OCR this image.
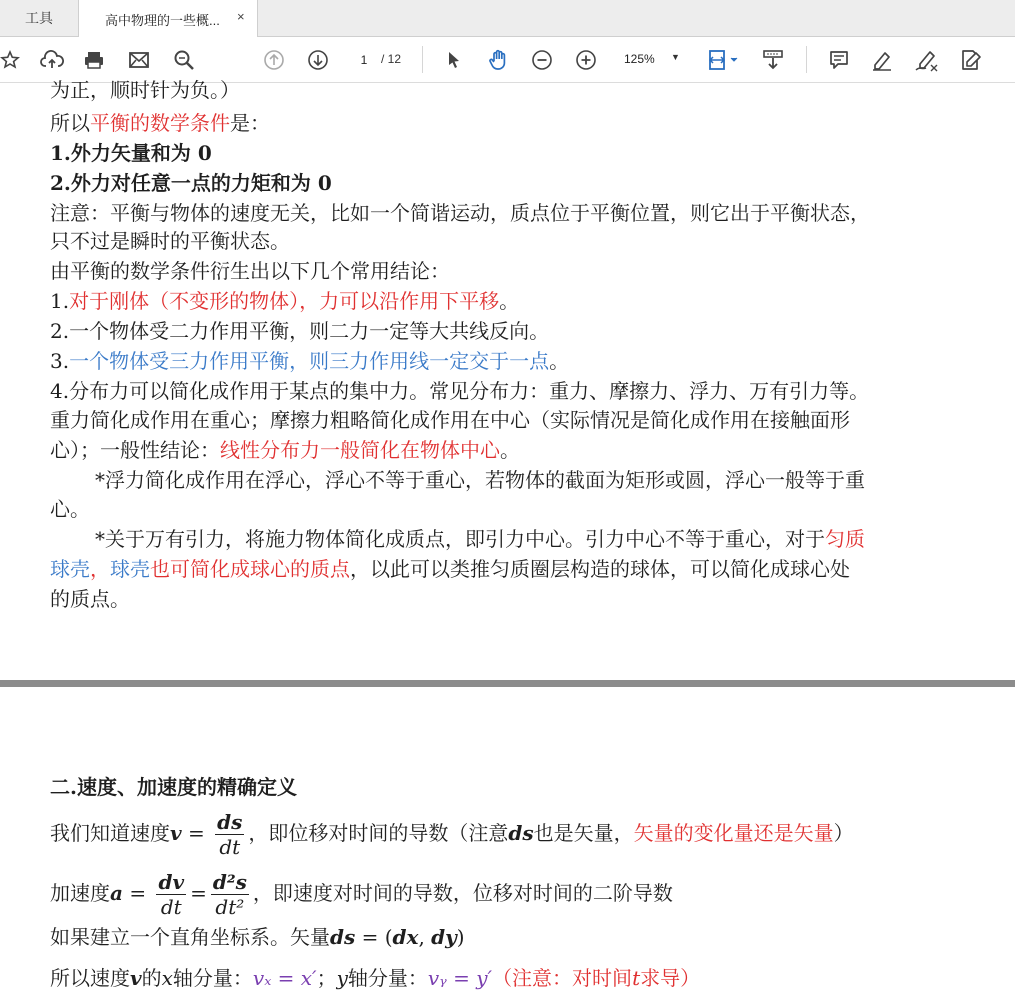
工具	高中物理的一些概... ×
1	/ 12	125% ▼
为正，顺时针为负。）
所以平衡的数学条件是：
1.外力矢量和为 0
2.外力对任意一点的力矩和为 0
注意：平衡与物体的速度无关，比如一个简谐运动，质点位于平衡位置，则它出于平衡状态，
只不过是瞬时的平衡状态。
由平衡的数学条件衍生出以下几个常用结论：
1.对于刚体（不变形的物体），力可以沿作用下平移。
2.一个物体受二力作用平衡，则二力一定等大共线反向。
3.一个物体受三力作用平衡，则三力作用线一定交于一点。
4.分布力可以简化成作用于某点的集中力。常见分布力：重力、摩擦力、浮力、万有引力等。
重力简化成作用在重心；摩擦力粗略简化成作用在中心（实际情况是简化成作用在接触面形
心）；一般性结论：线性分布力一般简化在物体中心。
*浮力简化成作用在浮心，浮心不等于重心，若物体的截面为矩形或圆，浮心一般等于重
心。
*关于万有引力，将施力物体简化成质点，即引力中心。引力中心不等于重心，对于匀质
球壳，球壳也可简化成球心的质点，以此可以类推匀质圈层构造的球体，可以简化成球心处
的质点。
二.速度、加速度的精确定义
我们知道速度$v = \frac{ds}{dt}$ ，即位移对时间的导数（注意ds也是矢量，矢量的变化量还是矢量）
加速度$a = \frac{dv}{dt} = \frac{\text{d²s}}{\text{dt²}}$ ，即速度对时间的导数，位移对时间的二阶导数
如果建立一个直角坐标系。矢量ds = (dx, dy)
所以速度v的x轴分量：vₓ = x′；y轴分量：vᵧ = y′（注意：对时间t求导）
